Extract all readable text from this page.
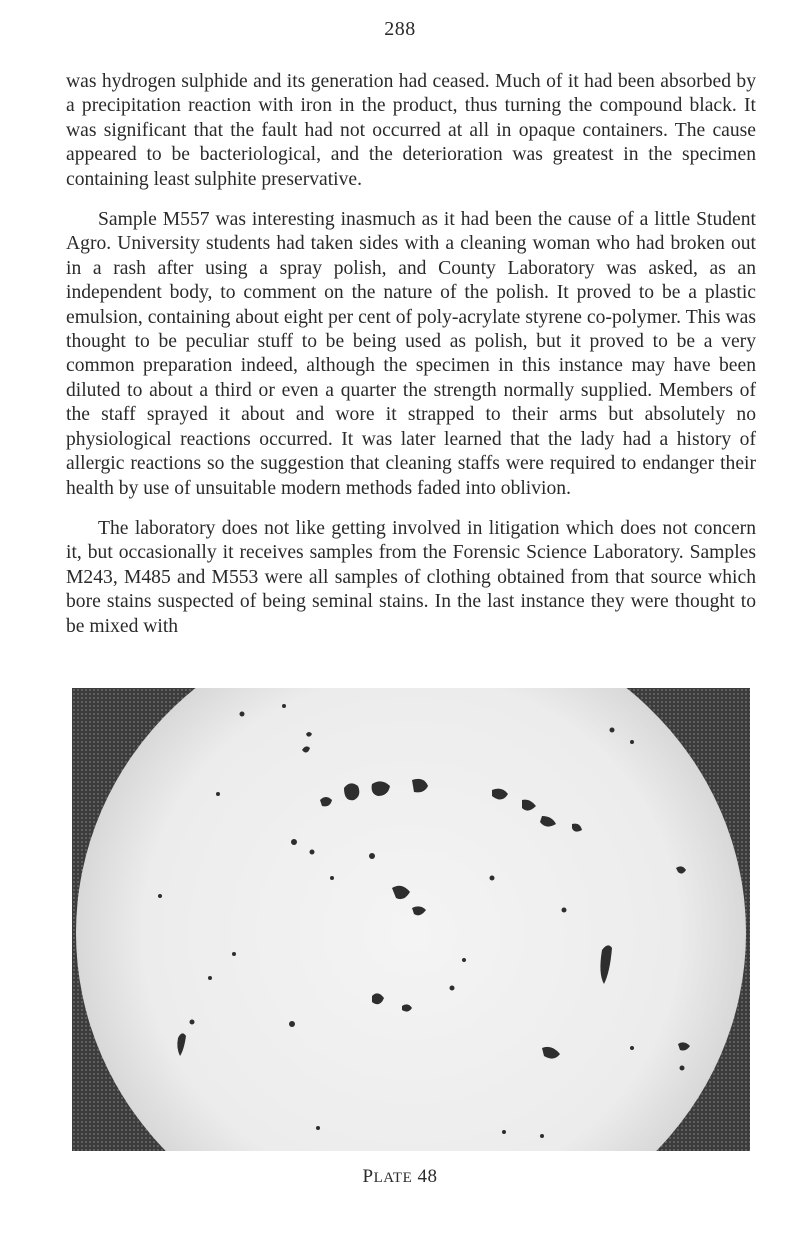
288

was hydrogen sulphide and its generation had ceased. Much of it had been absorbed by a precipitation reaction with iron in the product, thus turning the compound black. It was significant that the fault had not occurred at all in opaque containers. The cause appeared to be bacteriological, and the deterioration was greatest in the specimen containing least sulphite preservative.

Sample M557 was interesting inasmuch as it had been the cause of a little Student Agro. University students had taken sides with a cleaning woman who had broken out in a rash after using a spray polish, and County Laboratory was asked, as an independent body, to comment on the nature of the polish. It proved to be a plastic emulsion, containing about eight per cent of poly-acrylate styrene co-polymer. This was thought to be peculiar stuff to be being used as polish, but it proved to be a very common preparation indeed, although the specimen in this instance may have been diluted to about a third or even a quarter the strength normally supplied. Members of the staff sprayed it about and wore it strapped to their arms but absolutely no physiological reactions occurred. It was later learned that the lady had a history of allergic reactions so the suggestion that cleaning staffs were required to endanger their health by use of unsuitable modern methods faded into oblivion.

The laboratory does not like getting involved in litigation which does not concern it, but occasionally it receives samples from the Forensic Science Laboratory. Samples M243, M485 and M553 were all samples of clothing obtained from that source which bore stains suspected of being seminal stains. In the last instance they were thought to be mixed with

PLATE 48
